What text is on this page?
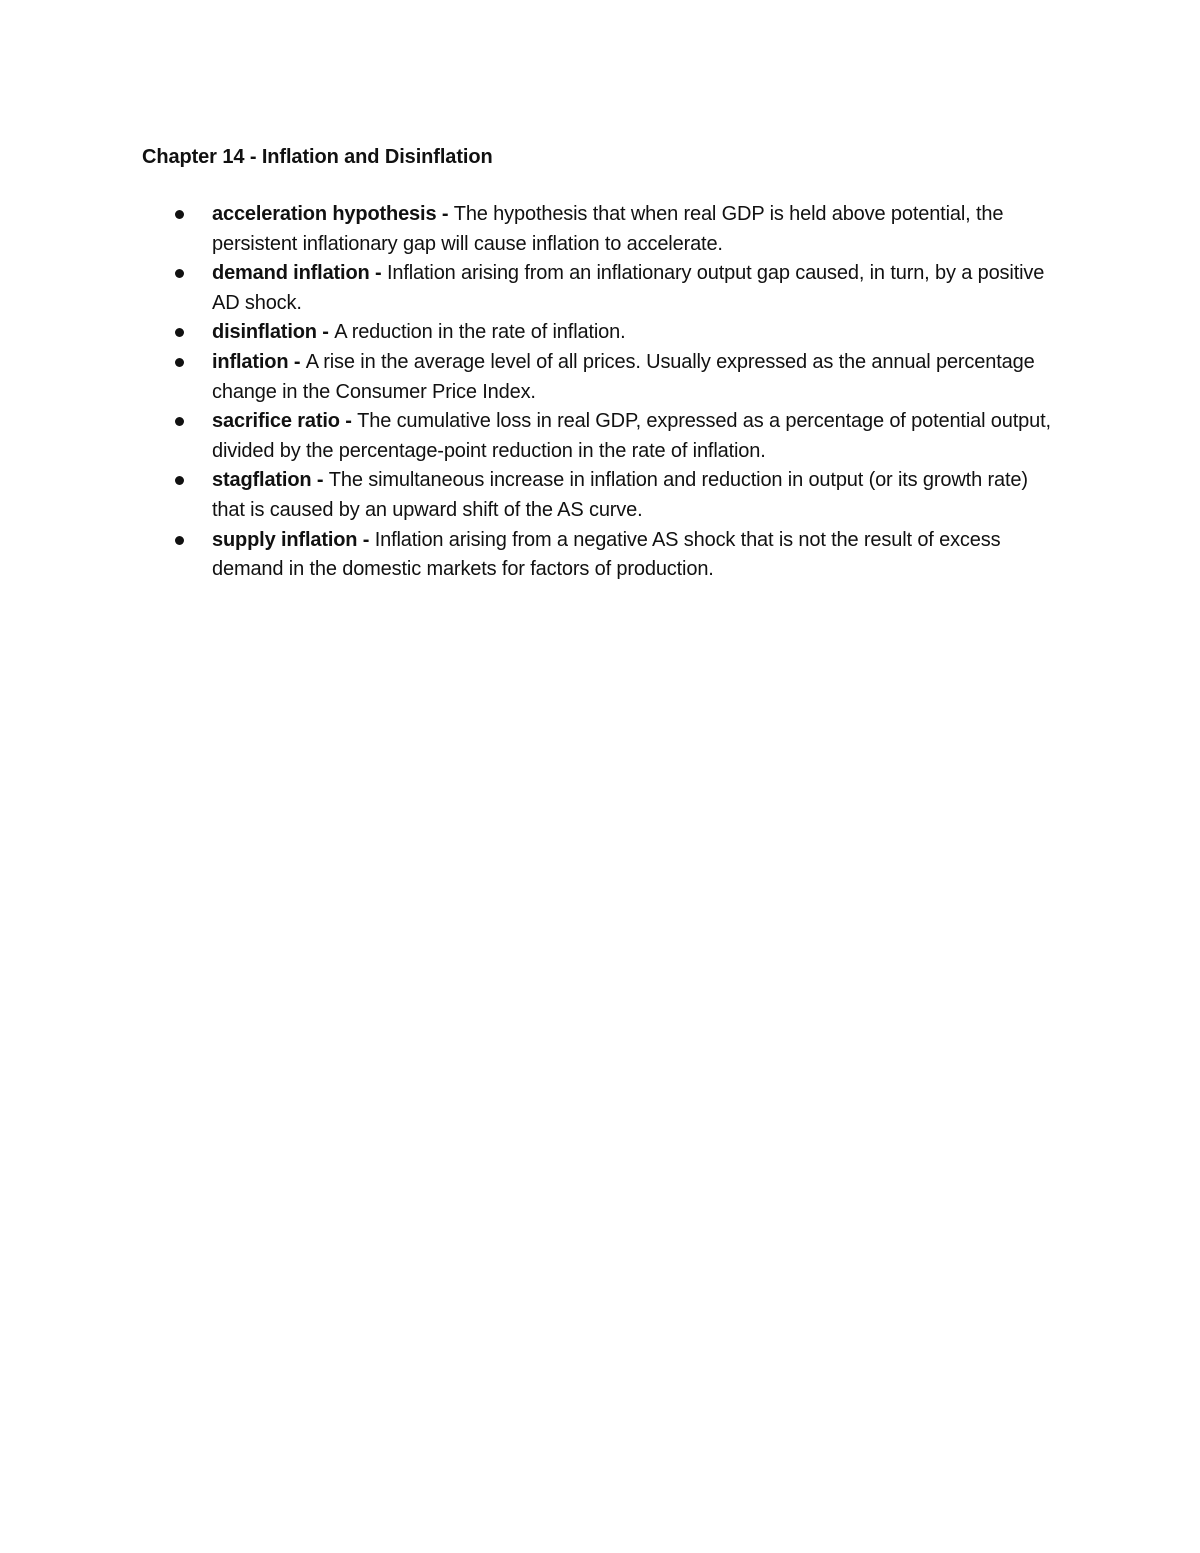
Chapter 14 - Inflation and Disinflation
acceleration hypothesis - The hypothesis that when real GDP is held above potential, the persistent inflationary gap will cause inflation to accelerate.
demand inflation - Inflation arising from an inflationary output gap caused, in turn, by a positive AD shock.
disinflation - A reduction in the rate of inflation.
inflation - A rise in the average level of all prices. Usually expressed as the annual percentage change in the Consumer Price Index.
sacrifice ratio - The cumulative loss in real GDP, expressed as a percentage of potential output, divided by the percentage-point reduction in the rate of inflation.
stagflation - The simultaneous increase in inflation and reduction in output (or its growth rate) that is caused by an upward shift of the AS curve.
supply inflation - Inflation arising from a negative AS shock that is not the result of excess demand in the domestic markets for factors of production.
